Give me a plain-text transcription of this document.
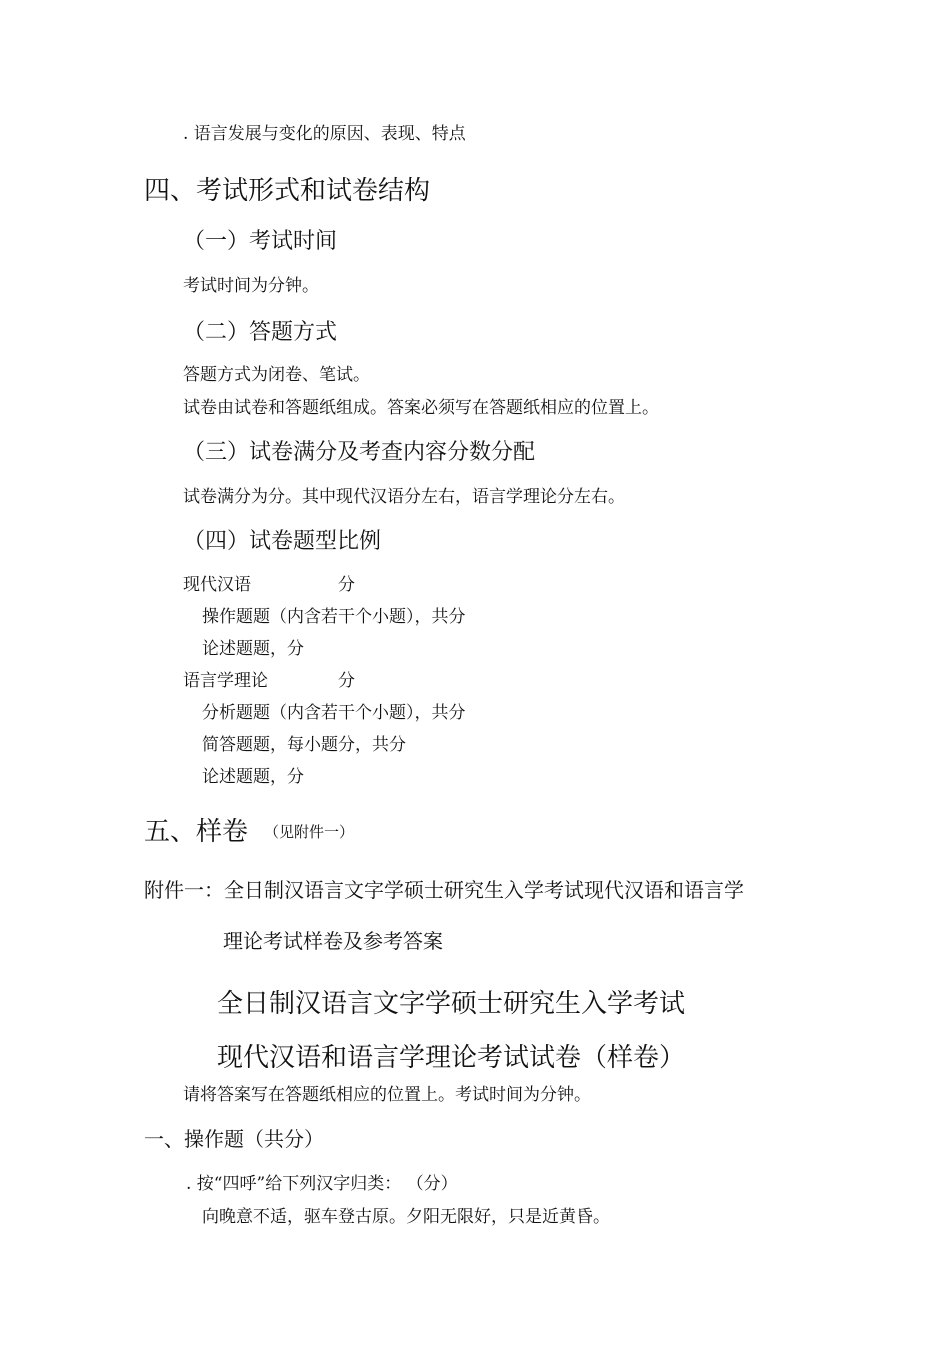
. 语言发展与变化的原因、表现、特点
四、考试形式和试卷结构
（一）考试时间
考试时间为分钟。
（二）答题方式
答题方式为闭卷、笔试。
试卷由试卷和答题纸组成。答案必须写在答题纸相应的位置上。
（三）试卷满分及考查内容分数分配
试卷满分为分。其中现代汉语分左右，语言学理论分左右。
（四）试卷题型比例
现代汉语	分
操作题题（内含若干个小题），共分
论述题题，分
语言学理论	分
分析题题（内含若干个小题），共分
简答题题，每小题分，共分
论述题题，分
五、样卷 （见附件一）
附件一：全日制汉语言文字学硕士研究生入学考试现代汉语和语言学
理论考试样卷及参考答案
全日制汉语言文字学硕士研究生入学考试
现代汉语和语言学理论考试试卷（样卷）
请将答案写在答题纸相应的位置上。考试时间为分钟。
一、操作题（共分）
. 按“四呼”给下列汉字归类： （分）
向晚意不适，驱车登古原。夕阳无限好，只是近黄昏。
